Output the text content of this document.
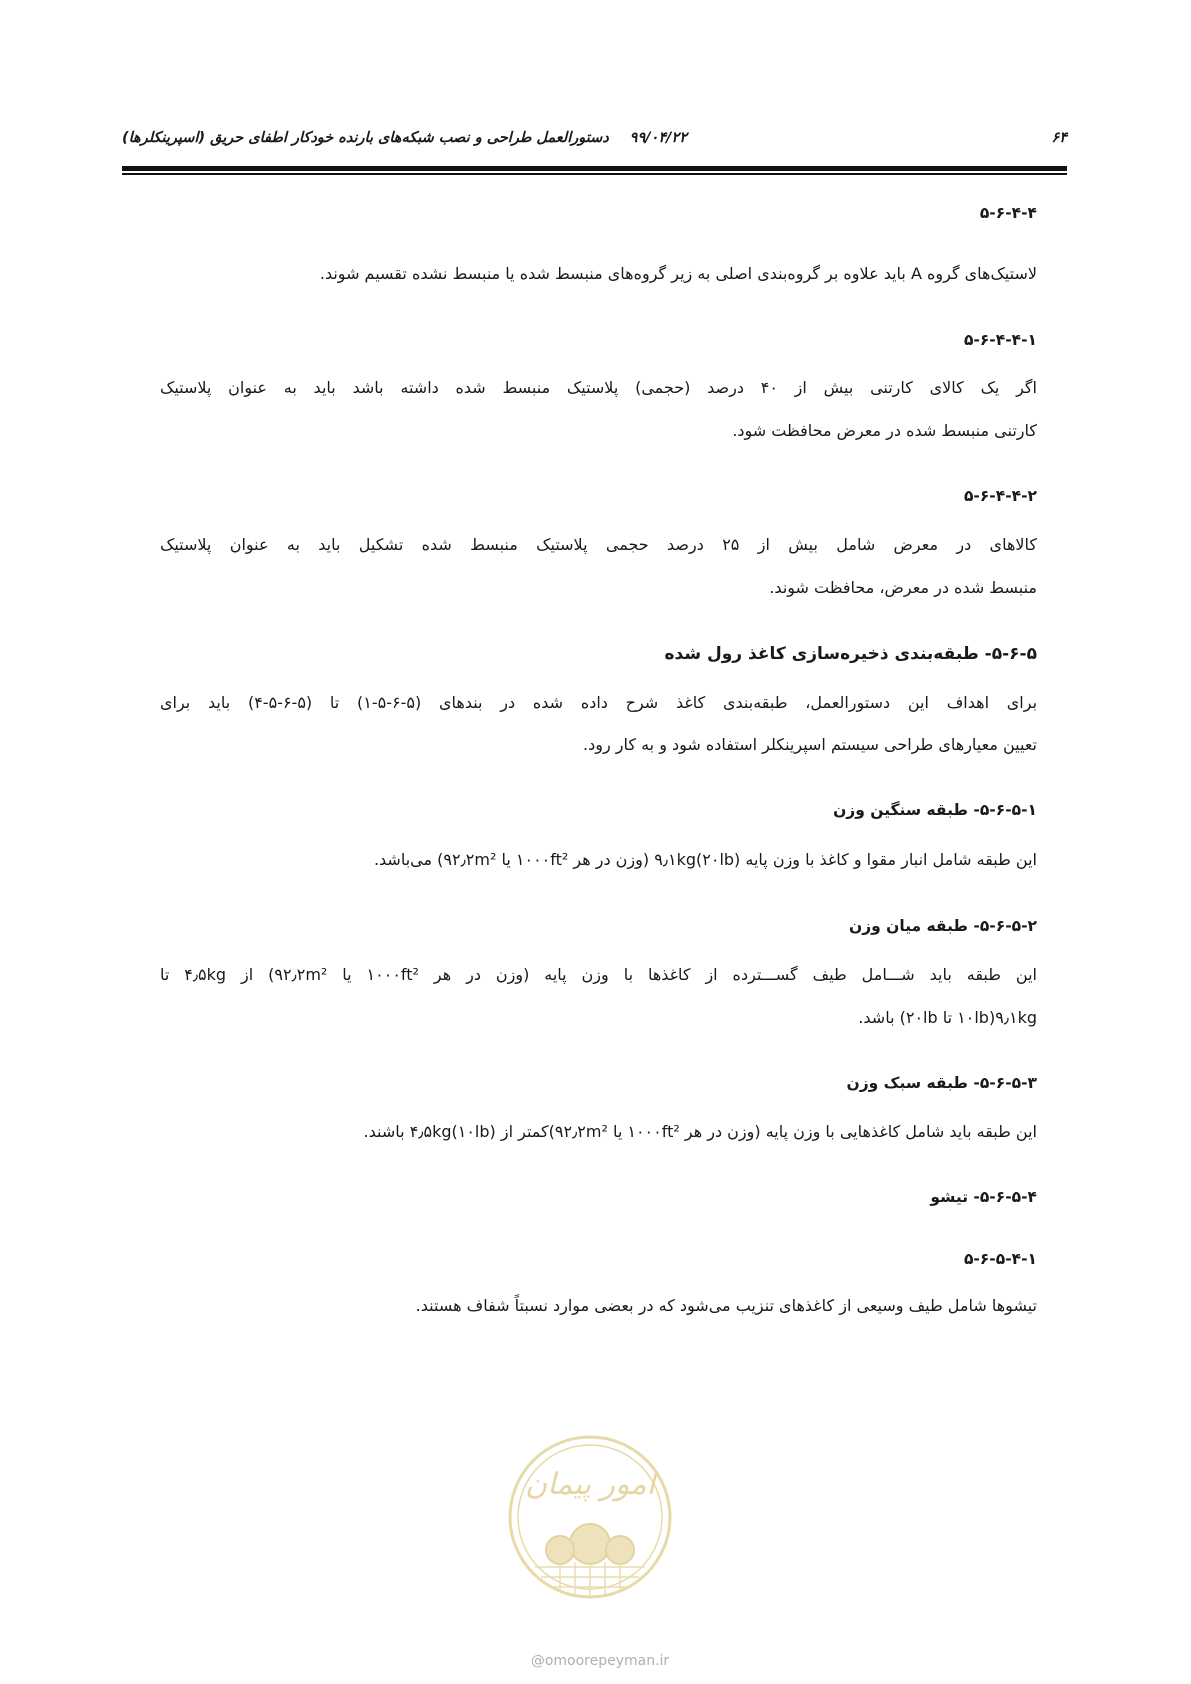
۶۴
۹۹/۰۴/۲۲
دستورالعمل طراحی و نصب شبکه‌های بارنده خودکار اطفای حریق (اسپرینکلرها)
۵-۶-۴-۴
لاستیک‌های گروه A باید علاوه بر گروه‌بندی اصلی به زیر گروه‌های منبسط شده یا منبسط نشده تقسیم شوند.
۵-۶-۴-۴-۱
اگر یک کالای کارتنی بیش از ۴۰ درصد (حجمی) پلاستیک منبسط شده داشته باشد باید به عنوان پلاستیک
کارتنی منبسط شده در معرض محافظت شود.
۵-۶-۴-۴-۲
کالاهای در معرض شامل بیش از ۲۵ درصد حجمی پلاستیک منبسط شده تشکیل باید به عنوان پلاستیک
منبسط شده در معرض، محافظت شوند.
۵-۶-۵- طبقه‌بندی ذخیره‌سازی کاغذ رول شده
برای اهداف این دستورالعمل، طبقه‌بندی کاغذ شرح داده شده در بندهای (۵-۶-۵-۱) تا (۵-۶-۵-۴) باید برای
تعیین معیارهای طراحی سیستم اسپرینکلر استفاده شود و به کار رود.
۵-۶-۵-۱- طبقه سنگین وزن
این طبقه شامل انبار مقوا و کاغذ با وزن پایه ۹٫۱kg(۲۰lb) (وزن در هر ۱۰۰۰ft² یا ۹۲٫۲m²) می‌باشد.
۵-۶-۵-۲- طبقه میان وزن
این طبقه باید شـــامل طیف گســـترده از کاغذها با وزن پایه (وزن در هر ۱۰۰۰ft² یا ۹۲٫۲m²) از ۴٫۵kg تا
۹٫۱kg(۱۰lb تا ۲۰lb) باشد.
۵-۶-۵-۳- طبقه سبک وزن
این طبقه باید شامل کاغذهایی با وزن پایه (وزن در هر ۱۰۰۰ft² یا ۹۲٫۲m²)کمتر از ۴٫۵kg(۱۰lb) باشند.
۵-۶-۵-۴- تیشو
۵-۶-۵-۴-۱
تیشوها شامل طیف وسیعی از کاغذهای تنزیب می‌شود که در بعضی موارد نسبتاً شفاف هستند.
امور پیمان
@omoorepeyman.ir
